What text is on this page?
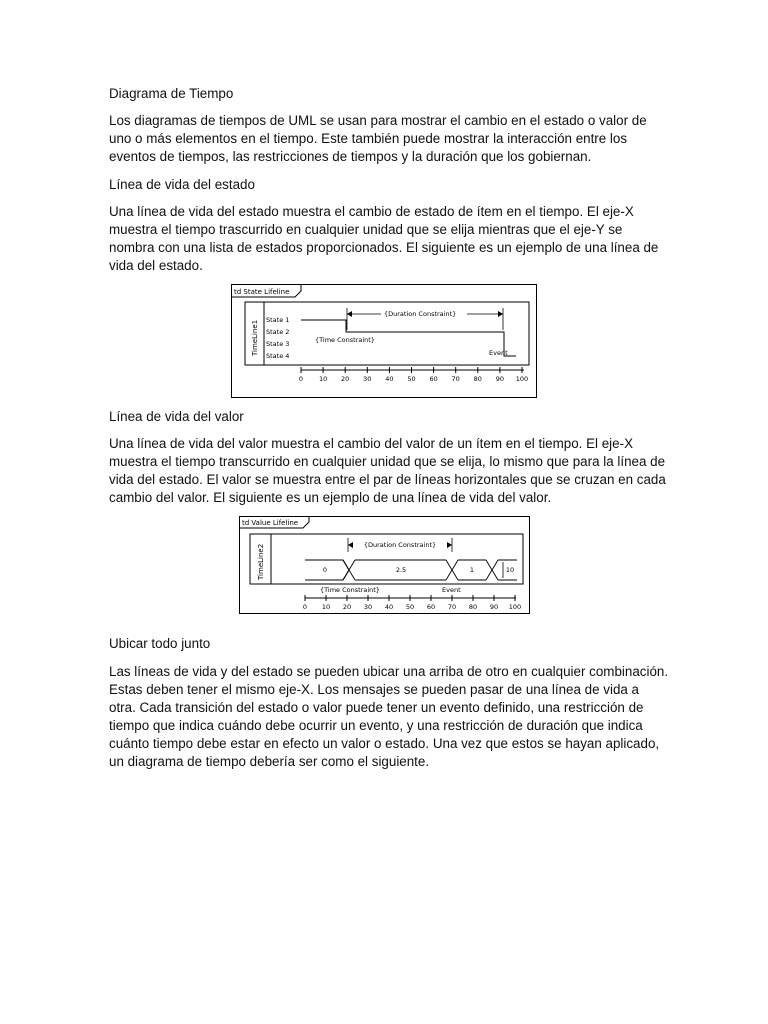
Diagrama de Tiempo

Los diagramas de tiempos de UML se usan para mostrar el cambio en el estado o valor de uno o más elementos en el tiempo. Este también puede mostrar la interacción entre los eventos de tiempos, las restricciones de tiempos y la duración que los gobiernan.

Línea de vida del estado

Una línea de vida del estado muestra el cambio de estado de ítem en el tiempo. El eje-X muestra el tiempo trascurrido en cualquier unidad que se elija mientras que el eje-Y se nombra con una lista de estados proporcionados. El siguiente es un ejemplo de una línea de vida del estado.

td State Lifeline
TimeLine1 State 1
State 2
State 3
State 4
{Duration Constraint}
{Time Constraint}
Event
0 10 20 30 40 50 60 70 80 90 100
Línea de vida del valor

Una línea de vida del valor muestra el cambio del valor de un ítem en el tiempo. El eje-X muestra el tiempo transcurrido en cualquier unidad que se elija, lo mismo que para la línea de vida del estado. El valor se muestra entre el par de líneas horizontales que se cruzan en cada cambio del valor. El siguiente es un ejemplo de una línea de vida del valor.

td Value Lifeline
TimeLine2	0	2.5	1	10
{Duration Constraint}
{Time Constraint}	Event
0 10 20 30 40 50 60 70 80 90 100
Ubicar todo junto

Las líneas de vida y del estado se pueden ubicar una arriba de otro en cualquier combinación. Estas deben tener el mismo eje-X. Los mensajes se pueden pasar de una línea de vida a otra. Cada transición del estado o valor puede tener un evento definido, una restricción de tiempo que indica cuándo debe ocurrir un evento, y una restricción de duración que indica cuánto tiempo debe estar en efecto un valor o estado. Una vez que estos se hayan aplicado, un diagrama de tiempo debería ser como el siguiente.
